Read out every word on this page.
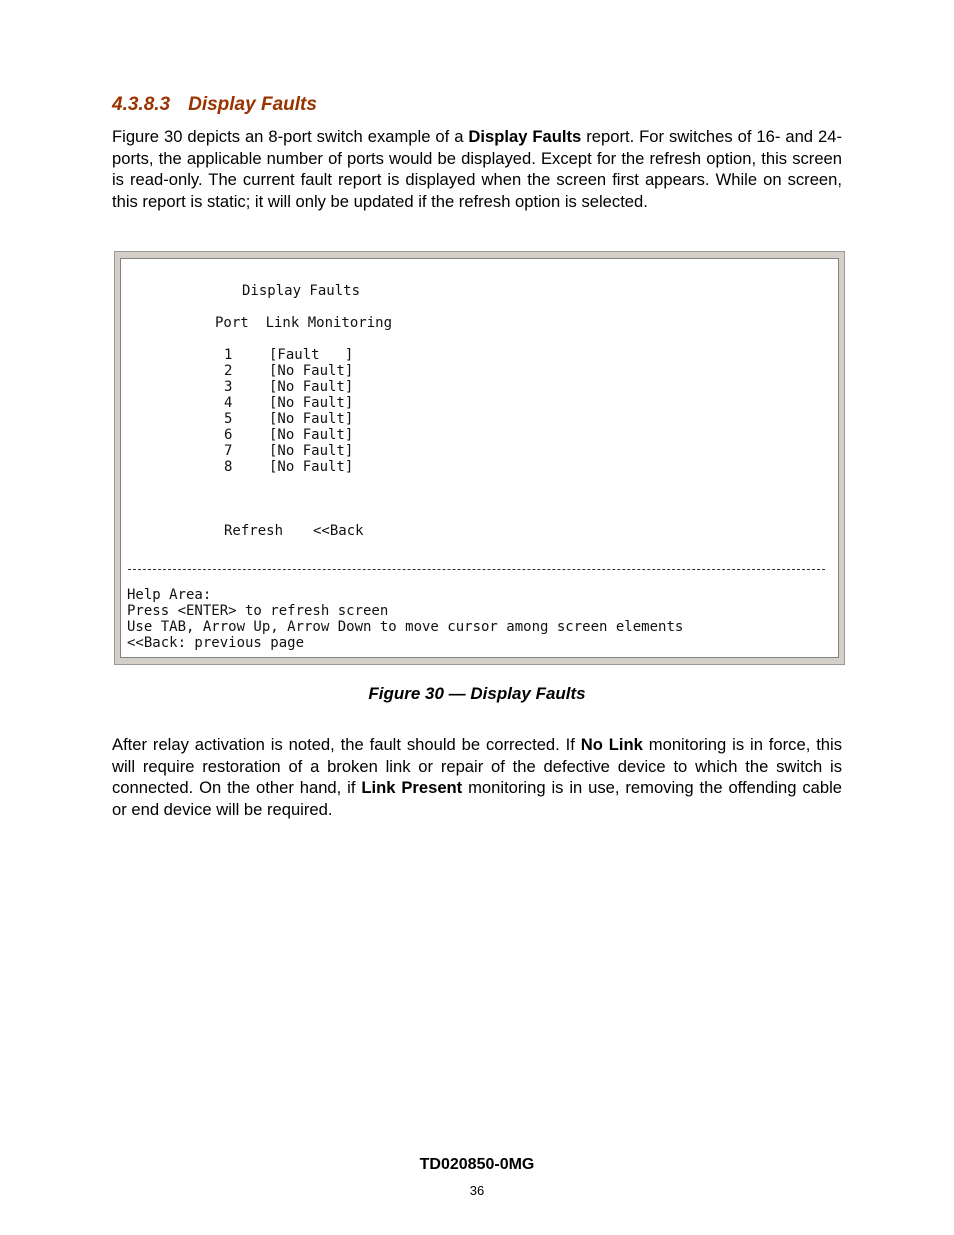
4.3.8.3 Display Faults
Figure 30 depicts an 8-port switch example of a Display Faults report. For switches of 16- and 24-ports, the applicable number of ports would be displayed. Except for the refresh option, this screen is read-only. The current fault report is displayed when the screen first appears. While on screen, this report is static; it will only be updated if the refresh option is selected.
Display Faults
Port Link Monitoring
1	[Fault   ]
2	[No Fault]
3	[No Fault]
4	[No Fault]
5	[No Fault]
6	[No Fault]
7	[No Fault]
8	[No Fault]
Refresh <<Back
Help Area:
Press <ENTER> to refresh screen
Use TAB, Arrow Up, Arrow Down to move cursor among screen elements
<<Back: previous page
Figure 30 — Display Faults
After relay activation is noted, the fault should be corrected. If No Link monitoring is in force, this will require restoration of a broken link or repair of the defective device to which the switch is connected. On the other hand, if Link Present monitoring is in use, removing the offending cable or end device will be required.
TD020850-0MG
36
